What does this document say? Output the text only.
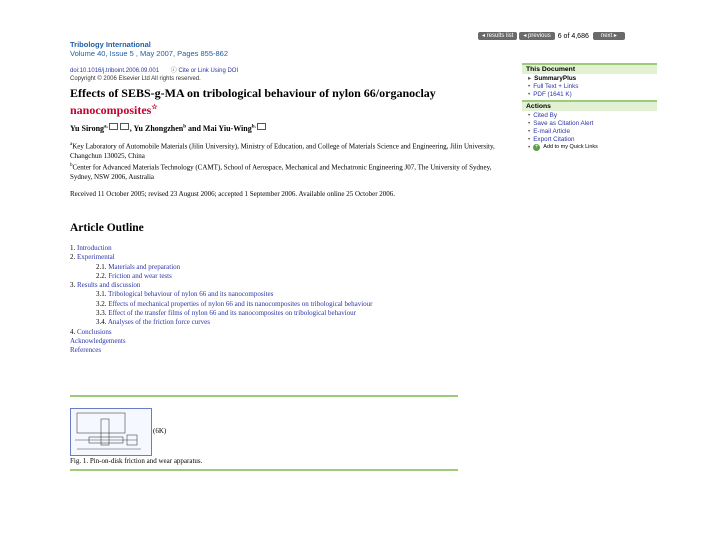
Tribology International
Volume 40, Issue 5 , May 2007, Pages 855-862
◂ results list	◂ previous	6 of 4,686	next ▸
doi:10.1016/j.triboint.2006.09.001 ⓘ Cite or Link Using DOI
Copyright © 2006 Elsevier Ltd All rights reserved.
Effects of SEBS-g-MA on tribological behaviour of nylon 66/organoclay
nanocomposites☆
Yu Sirong$^{a,}$	, Yu Zhongzhen$^b$ and Mai Yiu-Wing$^{b,}$
$^a$Key Laboratory of Automobile Materials (Jilin University), Ministry of Education, and College of Materials Science and Engineering, Jilin University, Changchun 130025, China
$^b$Center for Advanced Materials Technology (CAMT), School of Aerospace, Mechanical and Mechatronic Engineering J07, The University of Sydney, Sydney, NSW 2006, Australia
Received 11 October 2005; revised 23 August 2006; accepted 1 September 2006. Available online 25 October 2006.
Article Outline
1. Introduction
2. Experimental
2.1. Materials and preparation
2.2. Friction and wear tests
3. Results and discussion
3.1. Tribological behaviour of nylon 66 and its nanocomposites
3.2. Effects of mechanical properties of nylon 66 and its nanocomposites on tribological behaviour
3.3. Effect of the transfer films of nylon 66 and its nanocomposites on tribological behaviour
3.4. Analyses of the friction force curves
4. Conclusions
Acknowledgements
References
(6K)
Fig. 1. Pin-on-disk friction and wear apparatus.
This Document
▸ SummaryPlus
• Full Text + Links
• PDF (1641 K)
Actions
• Cited By
• Save as Citation Alert
• E-mail Article
• Export Citation
• + Add to my Quick Links
